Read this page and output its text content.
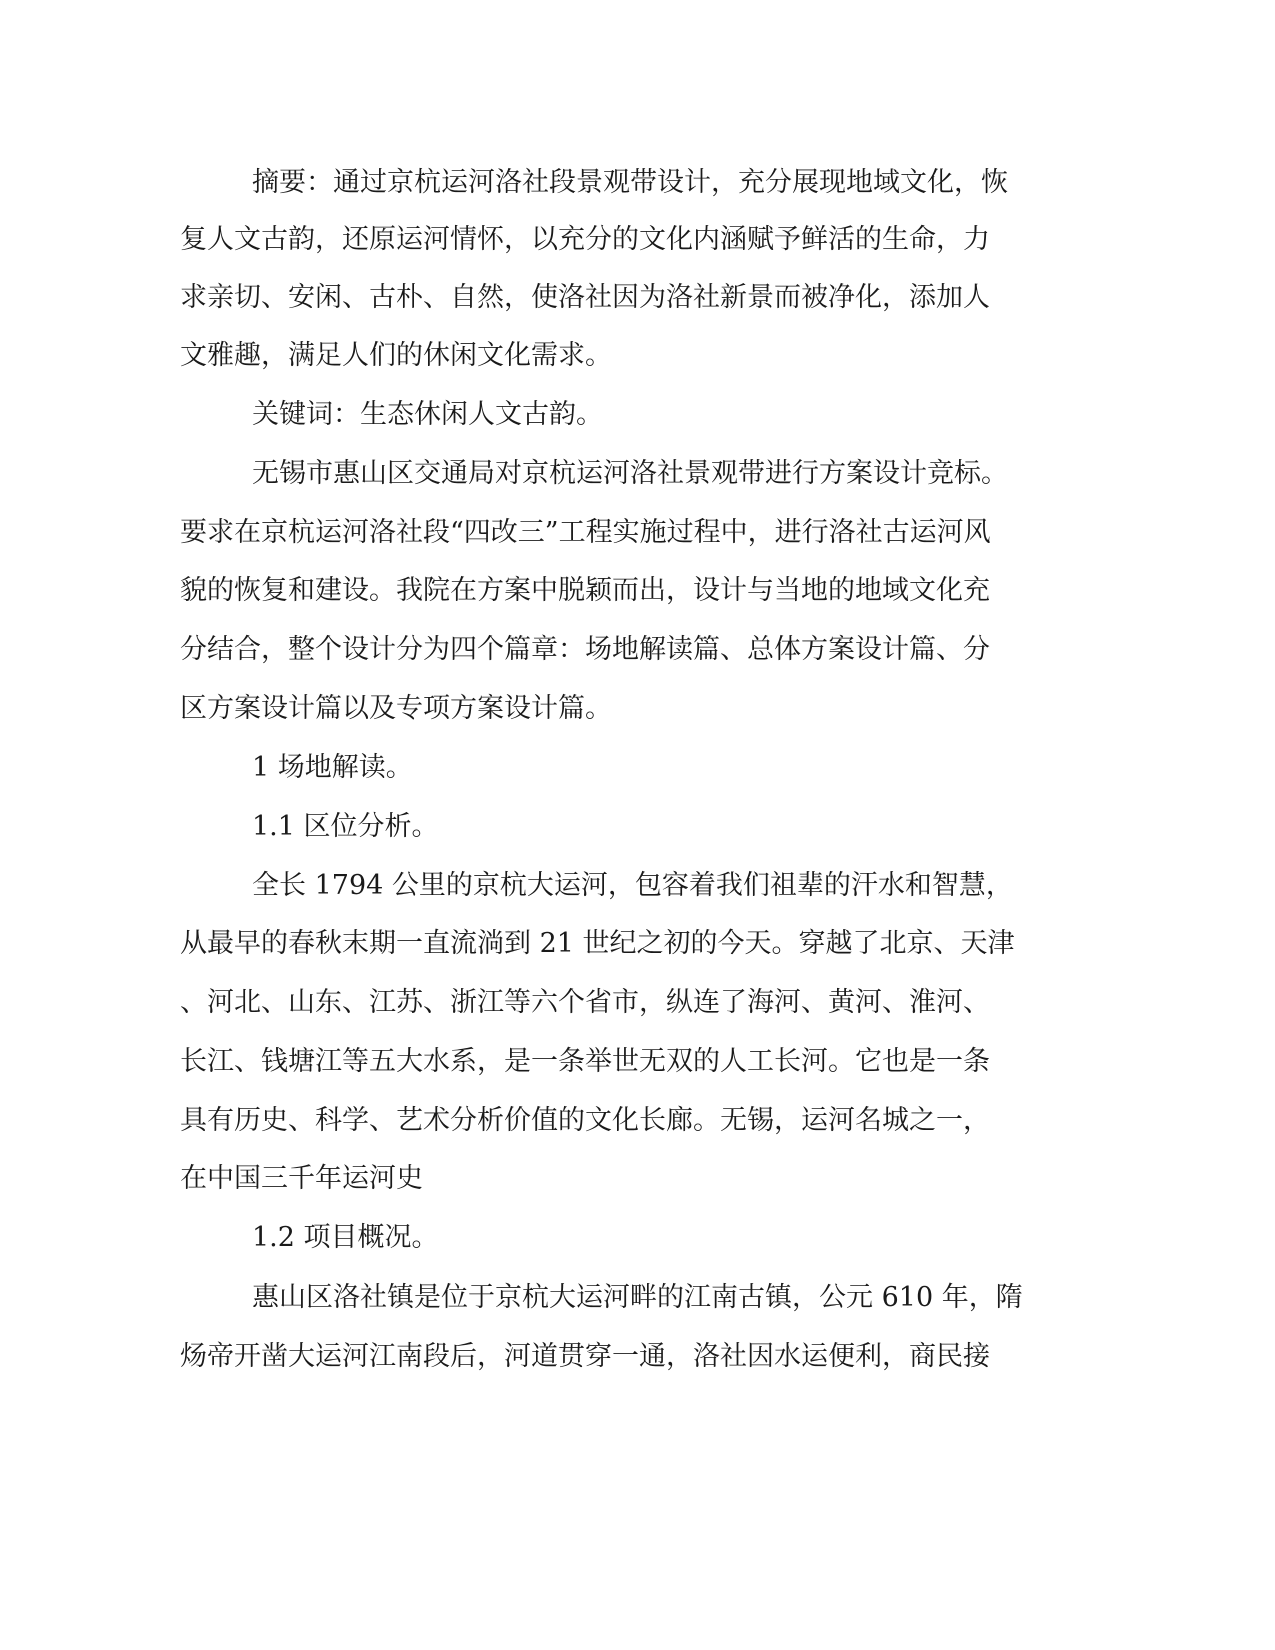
摘要：通过京杭运河洛社段景观带设计，充分展现地域文化，恢
复人文古韵，还原运河情怀，以充分的文化内涵赋予鲜活的生命，力
求亲切、安闲、古朴、自然，使洛社因为洛社新景而被净化，添加人
文雅趣，满足人们的休闲文化需求。
关键词：生态休闲人文古韵。
无锡市惠山区交通局对京杭运河洛社景观带进行方案设计竞标。
要求在京杭运河洛社段“四改三”工程实施过程中，进行洛社古运河风
貌的恢复和建设。我院在方案中脱颖而出，设计与当地的地域文化充
分结合，整个设计分为四个篇章：场地解读篇、总体方案设计篇、分
区方案设计篇以及专项方案设计篇。
1 场地解读。
1.1 区位分析。
全长 1794 公里的京杭大运河，包容着我们祖辈的汗水和智慧，
从最早的春秋末期一直流淌到 21 世纪之初的今天。穿越了北京、天津
、河北、山东、江苏、浙江等六个省市，纵连了海河、黄河、淮河、
长江、钱塘江等五大水系，是一条举世无双的人工长河。它也是一条
具有历史、科学、艺术分析价值的文化长廊。无锡，运河名城之一，
在中国三千年运河史
1.2 项目概况。
惠山区洛社镇是位于京杭大运河畔的江南古镇，公元 610 年，隋
炀帝开凿大运河江南段后，河道贯穿一通，洛社因水运便利，商民接
